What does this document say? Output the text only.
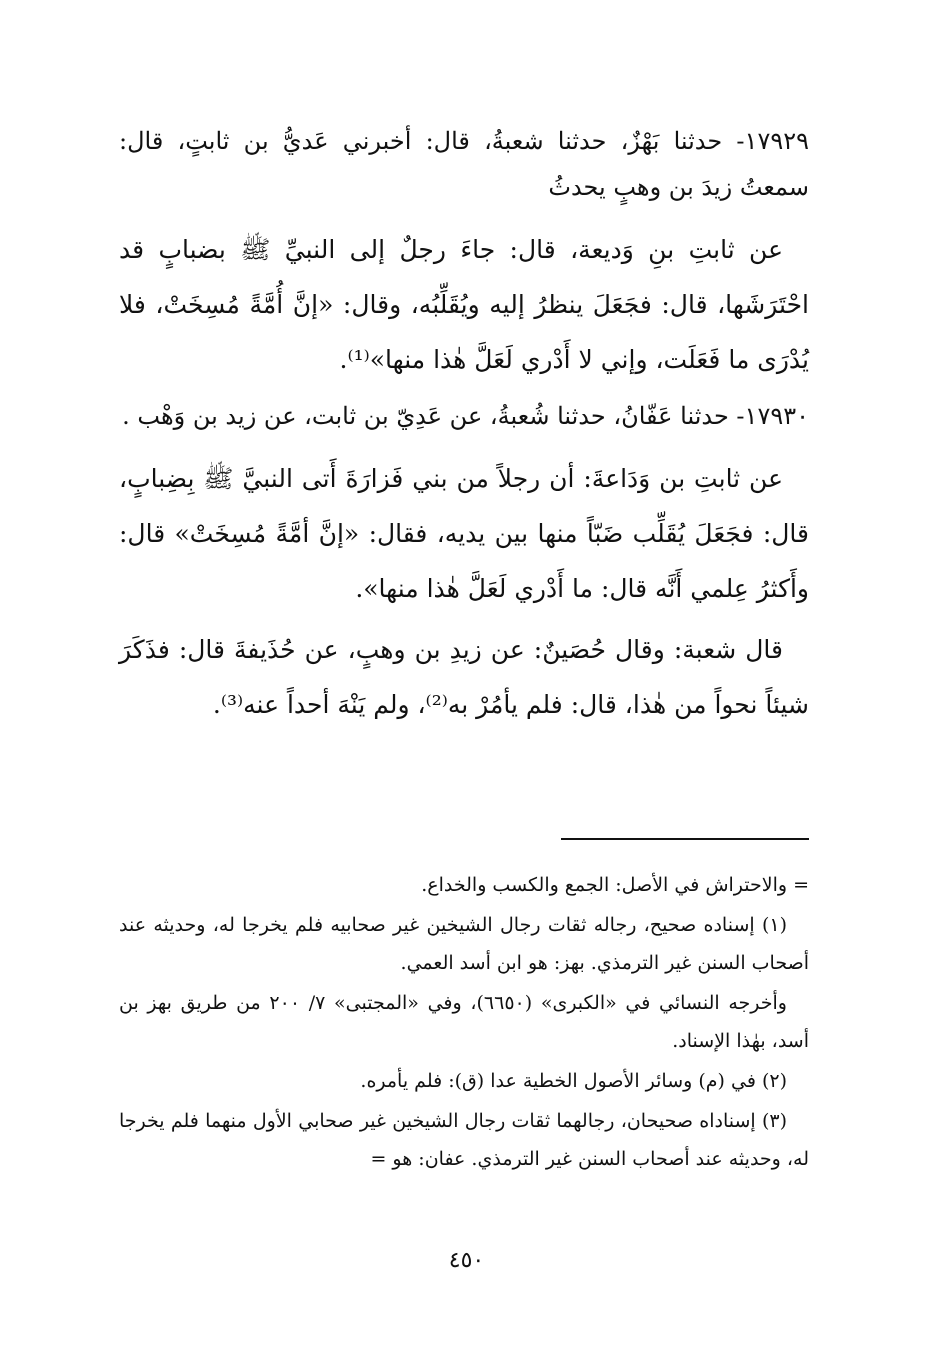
١٧٩٢٩- حدثنا بَهْزٌ، حدثنا شعبةُ، قال: أخبرني عَديُّ بن ثابتٍ، قال: سمعتُ زيدَ بن وهبٍ يحدثُ

عن ثابتِ بنِ وَديعة، قال: جاءَ رجلٌ إلى النبيِّ ﷺ بضبابٍ قد احْتَرَشَها، قال: فجَعَلَ ينظرُ إليه ويُقَلِّبُه، وقال: «إنَّ أُمَّةً مُسِخَتْ، فلا يُدْرَى ما فَعَلَت، وإني لا أَدْري لَعَلَّ هٰذا منها»⁽¹⁾.

١٧٩٣٠- حدثنا عَفّانُ، حدثنا شُعبةُ، عن عَدِيّ بن ثابت، عن زيد بن وَهْب .

عن ثابتِ بن وَدَاعةَ: أن رجلاً من بني فَزارَةَ أَتى النبيَّ ﷺ بِضِبابٍ، قال: فجَعَلَ يُقَلِّب ضَبّاً منها بين يديه، فقال: «إنَّ أمَّةً مُسِخَتْ» قال: وأَكثرُ عِلمي أَنَّه قال: ما أَدْري لَعَلَّ هٰذا منها».

قال شعبة: وقال حُصَينٌ: عن زيدِ بن وهبٍ، عن حُذَيفةَ قال: فذَكَرَ شيئاً نحواً من هٰذا، قال: فلم يأمُرْ به⁽²⁾، ولم يَنْهَ أحداً عنه⁽³⁾.

= والاحتراش في الأصل: الجمع والكسب والخداع.

(١) إسناده صحيح، رجاله ثقات رجال الشيخين غير صحابيه فلم يخرجا له، وحديثه عند أصحاب السنن غير الترمذي. بهز: هو ابن أسد العمي.

وأخرجه النسائي في «الكبرى» (٦٦٥٠)، وفي «المجتبى» ٧/ ٢٠٠ من طريق بهز بن أسد، بهٰذا الإسناد.

(٢) في (م) وسائر الأصول الخطية عدا (ق): فلم يأمره.

(٣) إسناداه صحيحان، رجالهما ثقات رجال الشيخين غير صحابي الأول منهما فلم يخرجا له، وحديثه عند أصحاب السنن غير الترمذي. عفان: هو =

٤٥٠
